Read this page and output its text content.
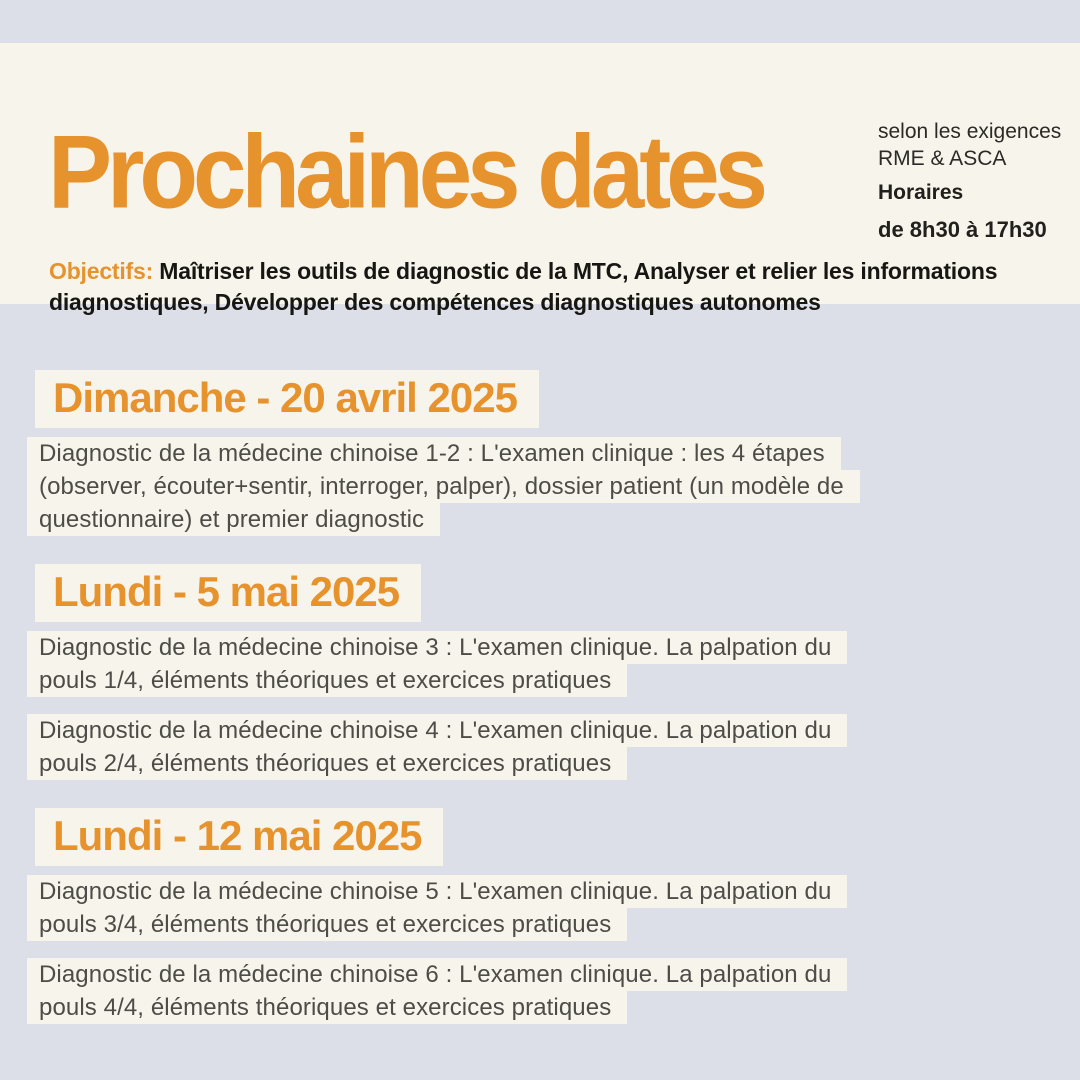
Prochaines dates	selon les exigences
RME & ASCA
Horaires
de 8h30 à 17h30

Objectifs: Maîtriser les outils de diagnostic de la MTC, Analyser et relier les informations
diagnostiques, Développer des compétences diagnostiques autonomes

Dimanche - 20 avril 2025
Diagnostic de la médecine chinoise 1-2 : L'examen clinique : les 4 étapes
(observer, écouter+sentir, interroger, palper), dossier patient (un modèle de
questionnaire) et premier diagnostic
Lundi - 5 mai 2025
Diagnostic de la médecine chinoise 3 : L'examen clinique. La palpation du
pouls 1/4, éléments théoriques et exercices pratiques
Diagnostic de la médecine chinoise 4 : L'examen clinique. La palpation du
pouls 2/4, éléments théoriques et exercices pratiques
Lundi - 12 mai 2025
Diagnostic de la médecine chinoise 5 : L'examen clinique. La palpation du
pouls 3/4, éléments théoriques et exercices pratiques
Diagnostic de la médecine chinoise 6 : L'examen clinique. La palpation du
pouls 4/4, éléments théoriques et exercices pratiques
